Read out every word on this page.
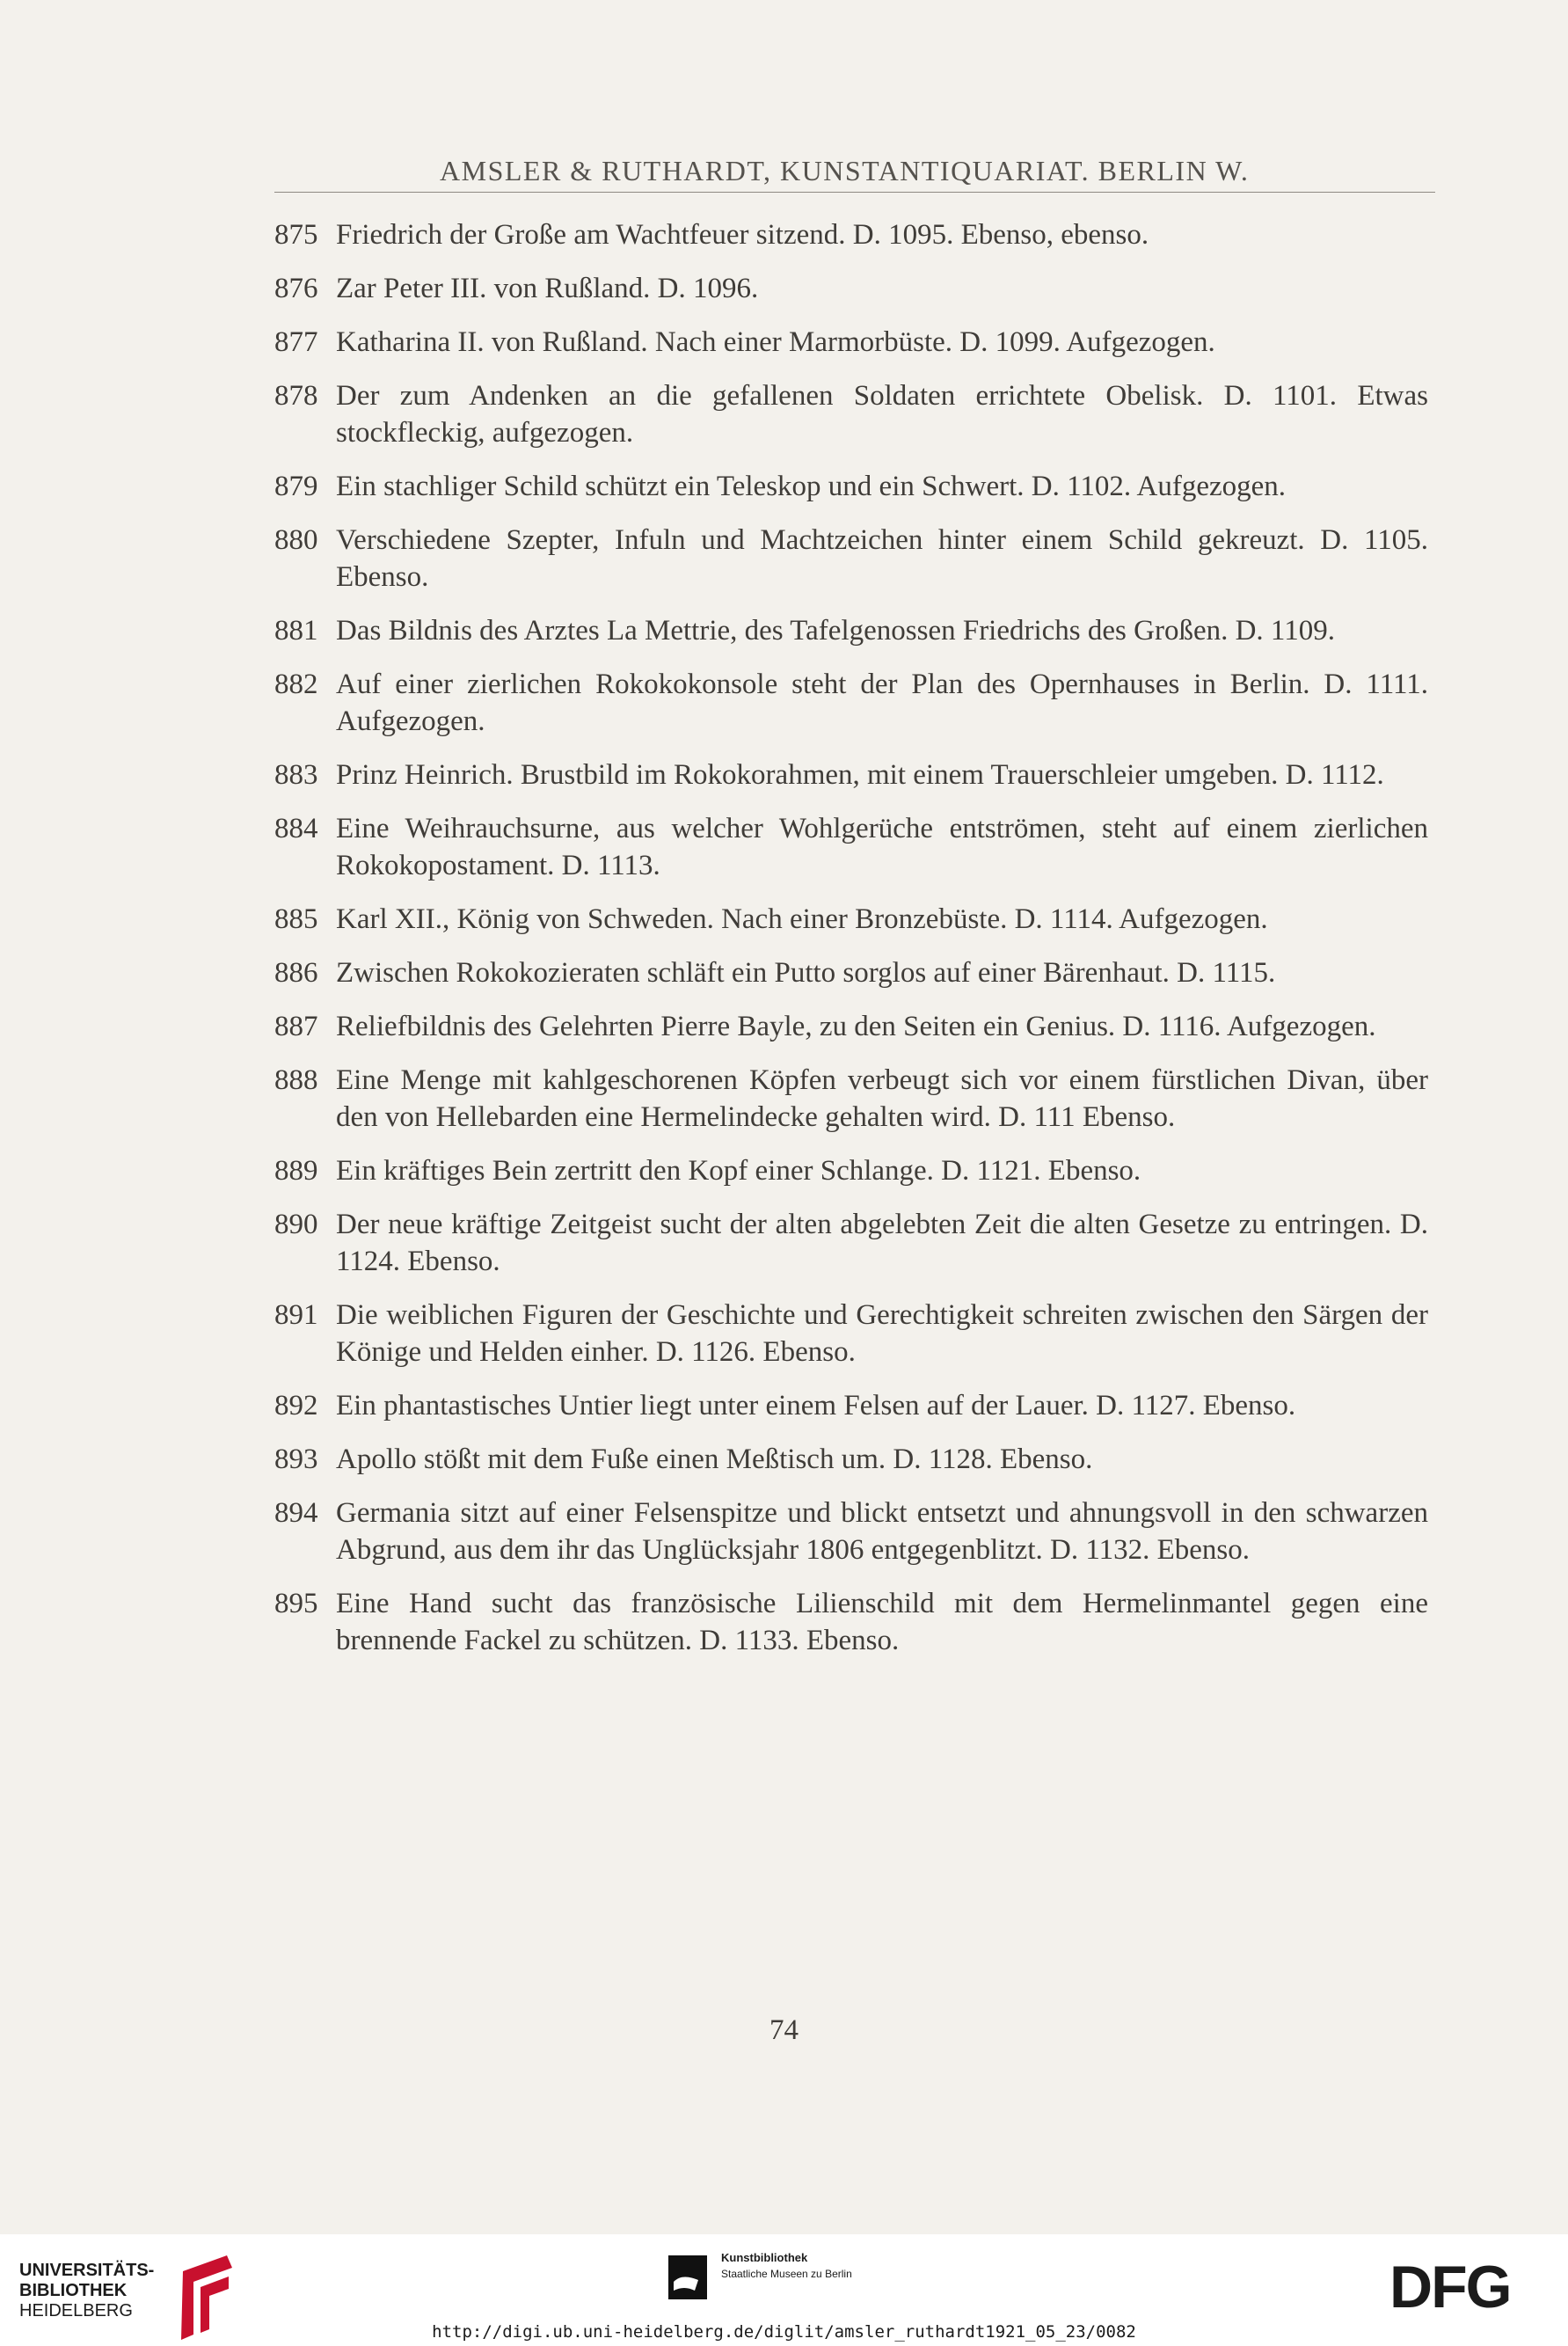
AMSLER & RUTHARDT, KUNSTANTIQUARIAT. BERLIN W.
875 Friedrich der Große am Wachtfeuer sitzend. D. 1095. Ebenso, ebenso.
876 Zar Peter III. von Rußland. D. 1096.
877 Katharina II. von Rußland. Nach einer Marmorbüste. D. 1099. Aufgezogen.
878 Der zum Andenken an die gefallenen Soldaten errichtete Obelisk. D. 1101. Etwas stockfleckig, aufgezogen.
879 Ein stachliger Schild schützt ein Teleskop und ein Schwert. D. 1102. Aufgezogen.
880 Verschiedene Szepter, Infuln und Machtzeichen hinter einem Schild gekreuzt. D. 1105. Ebenso.
881 Das Bildnis des Arztes La Mettrie, des Tafelgenossen Friedrichs des Großen. D. 1109.
882 Auf einer zierlichen Rokokokonsole steht der Plan des Opernhauses in Berlin. D. 1111. Aufgezogen.
883 Prinz Heinrich. Brustbild im Rokokorahmen, mit einem Trauerschleier umgeben. D. 1112.
884 Eine Weihrauchsurne, aus welcher Wohlgerüche entströmen, steht auf einem zierlichen Rokokopostament. D. 1113.
885 Karl XII., König von Schweden. Nach einer Bronzebüste. D. 1114. Aufgezogen.
886 Zwischen Rokokozieraten schläft ein Putto sorglos auf einer Bärenhaut. D. 1115.
887 Reliefbildnis des Gelehrten Pierre Bayle, zu den Seiten ein Genius. D. 1116. Aufgezogen.
888 Eine Menge mit kahlgeschorenen Köpfen verbeugt sich vor einem fürstlichen Divan, über den von Hellebarden eine Hermelindecke gehalten wird. D. 111 Ebenso.
889 Ein kräftiges Bein zertritt den Kopf einer Schlange. D. 1121. Ebenso.
890 Der neue kräftige Zeitgeist sucht der alten abgelebten Zeit die alten Gesetze zu entringen. D. 1124. Ebenso.
891 Die weiblichen Figuren der Geschichte und Gerechtigkeit schreiten zwischen den Särgen der Könige und Helden einher. D. 1126. Ebenso.
892 Ein phantastisches Untier liegt unter einem Felsen auf der Lauer. D. 1127. Ebenso.
893 Apollo stößt mit dem Fuße einen Meßtisch um. D. 1128. Ebenso.
894 Germania sitzt auf einer Felsenspitze und blickt entsetzt und ahnungsvoll in den schwarzen Abgrund, aus dem ihr das Unglücksjahr 1806 entgegenblitzt. D. 1132. Ebenso.
895 Eine Hand sucht das französische Lilienschild mit dem Hermelinmantel gegen eine brennende Fackel zu schützen. D. 1133. Ebenso.
74
UNIVERSITÄTS-
BIBLIOTHEK
HEIDELBERG
Kunstbibliothek
Staatliche Museen zu Berlin	DFG
http://digi.ub.uni-heidelberg.de/diglit/amsler_ruthardt1921_05_23/0082
